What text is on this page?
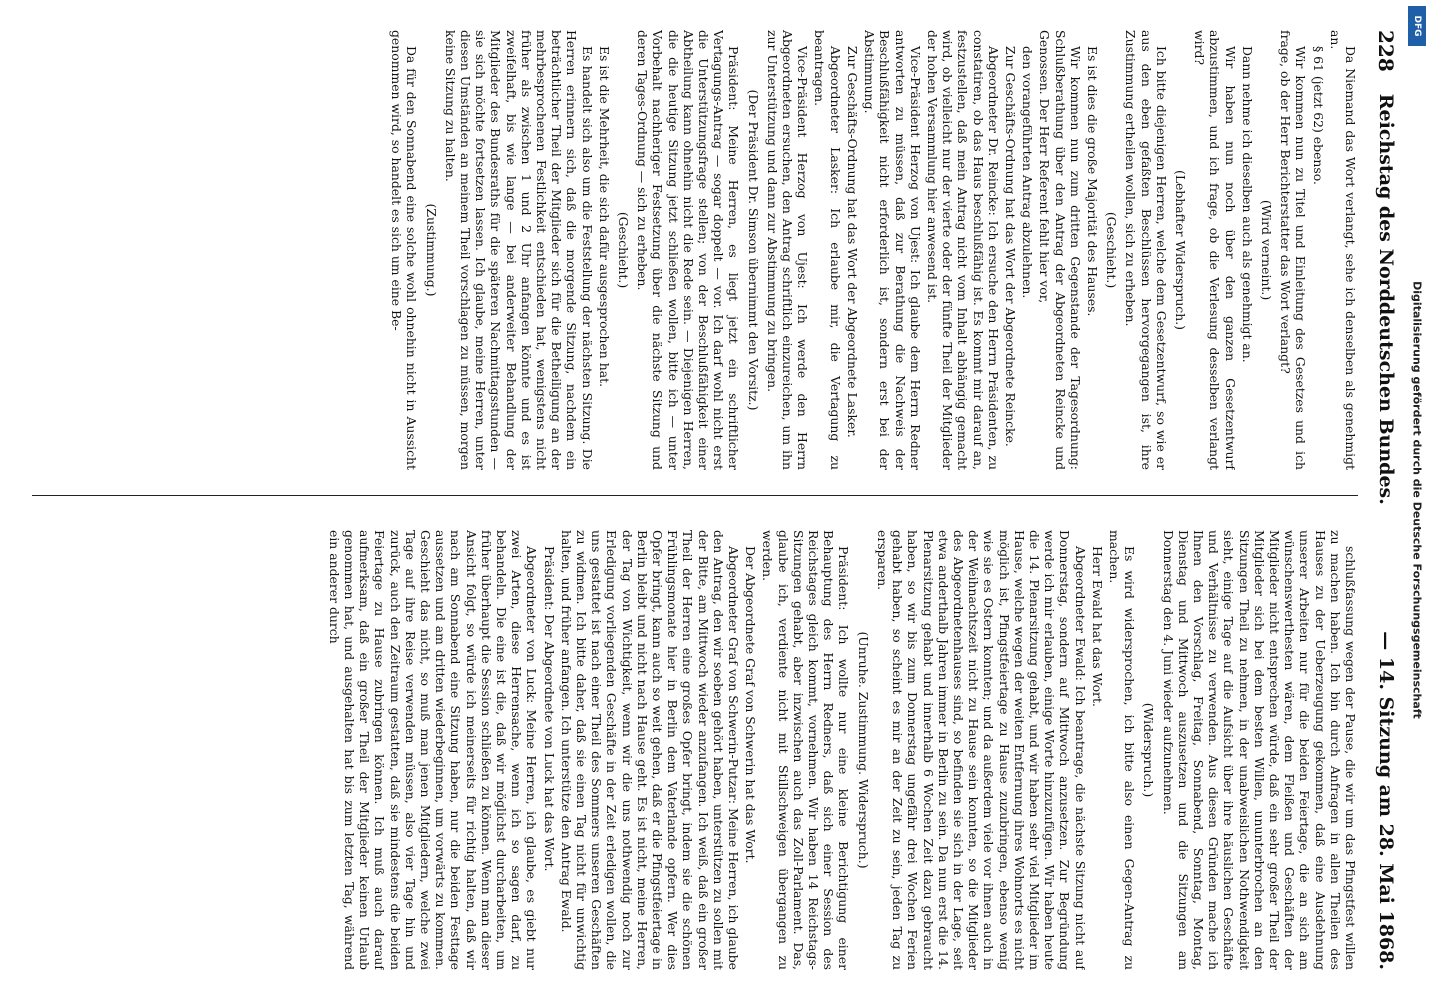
228
Reichstag des Norddeutschen Bundes.
— 14. Sitzung am 28. Mai 1868.

Da Niemand das Wort verlangt, sehe ich denselben als genehmigt an.

§ 61 (jetzt 62) ebenso.

Wir kommen nun zu Titel und Einleitung des Gesetzes und ich frage, ob der Herr Berichterstatter das Wort verlangt?

(Wird verneint.)

Dann nehme ich dieselben auch als genehmigt an.

Wir haben nun noch über den ganzen Gesetzentwurf abzustimmen, und ich frage, ob die Verlesung desselben verlangt wird?

(Lebhafter Widerspruch.)

Ich bitte diejenigen Herren, welche dem Gesetzentwurf, so wie er aus den eben gefaßten Beschlüssen hervorgegangen ist, ihre Zustimmung ertheilen wollen, sich zu erheben.

(Geschieht.)

Es ist dies die große Majorität des Hauses.

Wir kommen nun zum dritten Gegenstande der Tagesordnung: Schlußberathung über den Antrag der Abgeordneten Reincke und Genossen. Der Herr Referent fehlt hier vor,

den vorangeführten Antrag abzulehnen.

Zur Geschäfts-Ordnung hat das Wort der Abgeordnete Reincke.

Abgeordneter Dr. Reincke: Ich ersuche den Herrn Präsidenten, zu constatiren, ob das Haus beschlußfähig ist. Es kommt mir darauf an, festzustellen, daß mein Antrag nicht vom Inhalt abhängig gemacht wird, ob vielleicht nur der vierte oder der fünfte Theil der Mitglieder der hohen Versammlung hier anwesend ist.

Vice-Präsident Herzog von Ujest: Ich glaube dem Herrn Redner antworten zu müssen, daß zur Berathung die Nachweis der Beschlußfähigkeit nicht erforderlich ist, sondern erst bei der Abstimmung.

Zur Geschäfts-Ordnung hat das Wort der Abgeordnete Lasker.

Abgeordneter Lasker: Ich erlaube mir, die Vertagung zu beantragen.

Vice-Präsident Herzog von Ujest: Ich werde den Herrn Abgeordneten ersuchen, den Antrag schriftlich einzureichen, um ihn zur Unterstützung und dann zur Abstimmung zu bringen.

(Der Präsident Dr. Simson übernimmt den Vorsitz.)

Präsident: Meine Herren, es liegt jetzt ein schriftlicher Vertagungs-Antrag — sogar doppelt — vor. Ich darf wohl nicht erst die Unterstützungsfrage stellen; von der Beschlußfähigkeit einer Abtheilung kann ohnehin nicht die Rede sein. — Diejenigen Herren, die die heutige Sitzung jetzt schließen wollen, bitte ich — unter Vorbehalt nachheriger Festsetzung über die nächste Sitzung und deren Tages-Ordnung — sich zu erheben.

(Geschieht.)

Es ist die Mehrheit, die sich dafür ausgesprochen hat.

Es handelt sich also um die Feststellung der nächsten Sitzung. Die Herren erinnern sich, daß die morgende Sitzung, nachdem ein beträchtlicher Theil der Mitglieder sich für die Betheiligung an der mehrbesprochenen Festlichkeit entschieden hat, wenigstens nicht früher als zwischen 1 und 2 Uhr anfangen könnte und es ist zweifelhaft, bis wie lange — bei anderweiter Behandlung der Mitglieder des Bundesraths für die späteren Nachmittagsstunden — sie sich möchte fortsetzen lassen. Ich glaube, meine Herren, unter diesen Umständen an meinem Theil vorschlagen zu müssen, morgen keine Sitzung zu halten.

(Zustimmung.)

Da für den Sonnabend eine solche wohl ohnehin nicht in Aussicht genommen wird, so handelt es sich um eine Be-

schlußfassung wegen der Pause, die wir um das Pfingstfest willen zu machen haben. Ich bin durch Anfragen in allen Theilen des Hauses zu der Ueberzeugung gekommen, daß eine Ausdehnung unserer Arbeiten nur für die beiden Feiertage, die an sich am wünschenswerthesten wären, dem Fleißen und Geschäften der Mitglieder nicht entsprechen würde, daß ein sehr großer Theil der Mitglieder sich bei dem besten Willen, ununterbrochen an den Sitzungen Theil zu nehmen, in der unabweislichen Nothwendigkeit sieht, einige Tage auf die Aufsicht über ihre häuslichen Geschäfte und Verhältnisse zu verwenden. Aus diesen Gründen mache ich Ihnen den Vorschlag, Freitag, Sonnabend, Sonntag, Montag, Dienstag und Mittwoch auszusetzen und die Sitzungen am Donnerstag den 4. Juni wieder aufzunehmen.

(Widerspruch.)

Es wird widersprochen, ich bitte also einen Gegen-Antrag zu machen.

Herr Ewald hat das Wort.

Abgeordneter Ewald: Ich beantrage, die nächste Sitzung nicht auf Donnerstag, sondern auf Mittwoch anzusetzen. Zur Begründung werde ich mir erlauben, einige Worte hinzuzufügen. Wir haben heute die 14. Plenarsitzung gehabt, und wir haben sehr viel Mitglieder im Hause, welche wegen der weiten Entfernung ihres Wohnorts es nicht möglich ist, Pfingstfeiertage zu Hause zuzubringen, ebenso wenig wie sie es Ostern konnten; und da außerdem viele vor ihnen auch in der Weihnachtszeit nicht zu Hause sein konnten, so die Mitglieder des Abgeordnetenhauses sind, so befinden sie sich in der Lage, seit etwa anderthalb Jahren immer in Berlin zu sein. Da nun erst die 14. Plenarsitzung gehabt und innerhalb 6 Wochen Zeit dazu gebraucht haben, so wir bis zum Donnerstag ungefähr drei Wochen Ferien gehabt haben, so scheint es mir an der Zeit zu sein, jeden Tag zu ersparen.

(Unruhe. Zustimmung. Widerspruch.)

Präsident: Ich wollte nur eine kleine Berichtigung einer Behauptung des Herrn Redners, daß sich einer Session des Reichstages gleich kommt, vornehmen. Wir haben 14 Reichstags-Sitzungen gehabt, aber inzwischen auch das Zoll-Parlament. Das, glaube ich, verdiente nicht mit Stillschweigen übergangen zu werden.

Der Abgeordnete Graf von Schwerin hat das Wort.

Abgeordneter Graf von Schwerin-Putzar: Meine Herren, ich glaube den Antrag, den wir soeben gehört haben, unterstützen zu sollen mit der Bitte, am Mittwoch wieder anzufangen. Ich weiß, daß ein großer Theil der Herren eine großes Opfer bringt, indem sie die schönen Frühlingsmonate hier in Berlin dem Vaterlande opfern. Wer dies Opfer bringt, kann auch so weit gehen, daß er die Pfingstfeiertage in Berlin bleibt und nicht nach Hause geht. Es ist nicht, meine Herren, der Tag von Wichtigkeit, wenn wir die uns nothwendig noch zur Erledigung vorliegenden Geschäfte in der Zeit erledigen wollen, die uns gestattet ist nach einer Theil des Sommers unseren Geschäften zu widmen. Ich bitte daher, daß sie einen Tag nicht für unwichtig halten, und früher anfangen. Ich unterstütze den Antrag Ewald.

Präsident: Der Abgeordnete von Luck hat das Wort.

Abgeordneter von Luck: Meine Herren, ich glaube, es giebt nur zwei Arten, diese Herrensache, wenn ich so sagen darf, zu behandeln. Die eine ist die, daß wir möglichst durcharbeiten, um früher überhaupt die Session schließen zu können. Wenn man dieser Ansicht folgt, so würde ich meinerseits für richtig halten, daß wir nach am Sonnabend eine Sitzung haben, nur die beiden Festtage aussetzen und am dritten wiederbeginnen, um vorwärts zu kommen. Geschieht das nicht, so muß man jenen Mitgliedern, welche zwei Tage auf ihre Reise verwenden müssen, also vier Tage hin und zurück, auch den Zeitraum gestatten, daß sie mindestens die beiden Feiertage zu Hause zubringen können. Ich muß auch darauf aufmerksam, daß ein großer Theil der Mitglieder keinen Urlaub genommen hat, und ausgehalten hat bis zum letzten Tag, während ein anderer durch	Digitalisierung gefördert durch die Deutsche Forschungsgemeinschaft
DFG
